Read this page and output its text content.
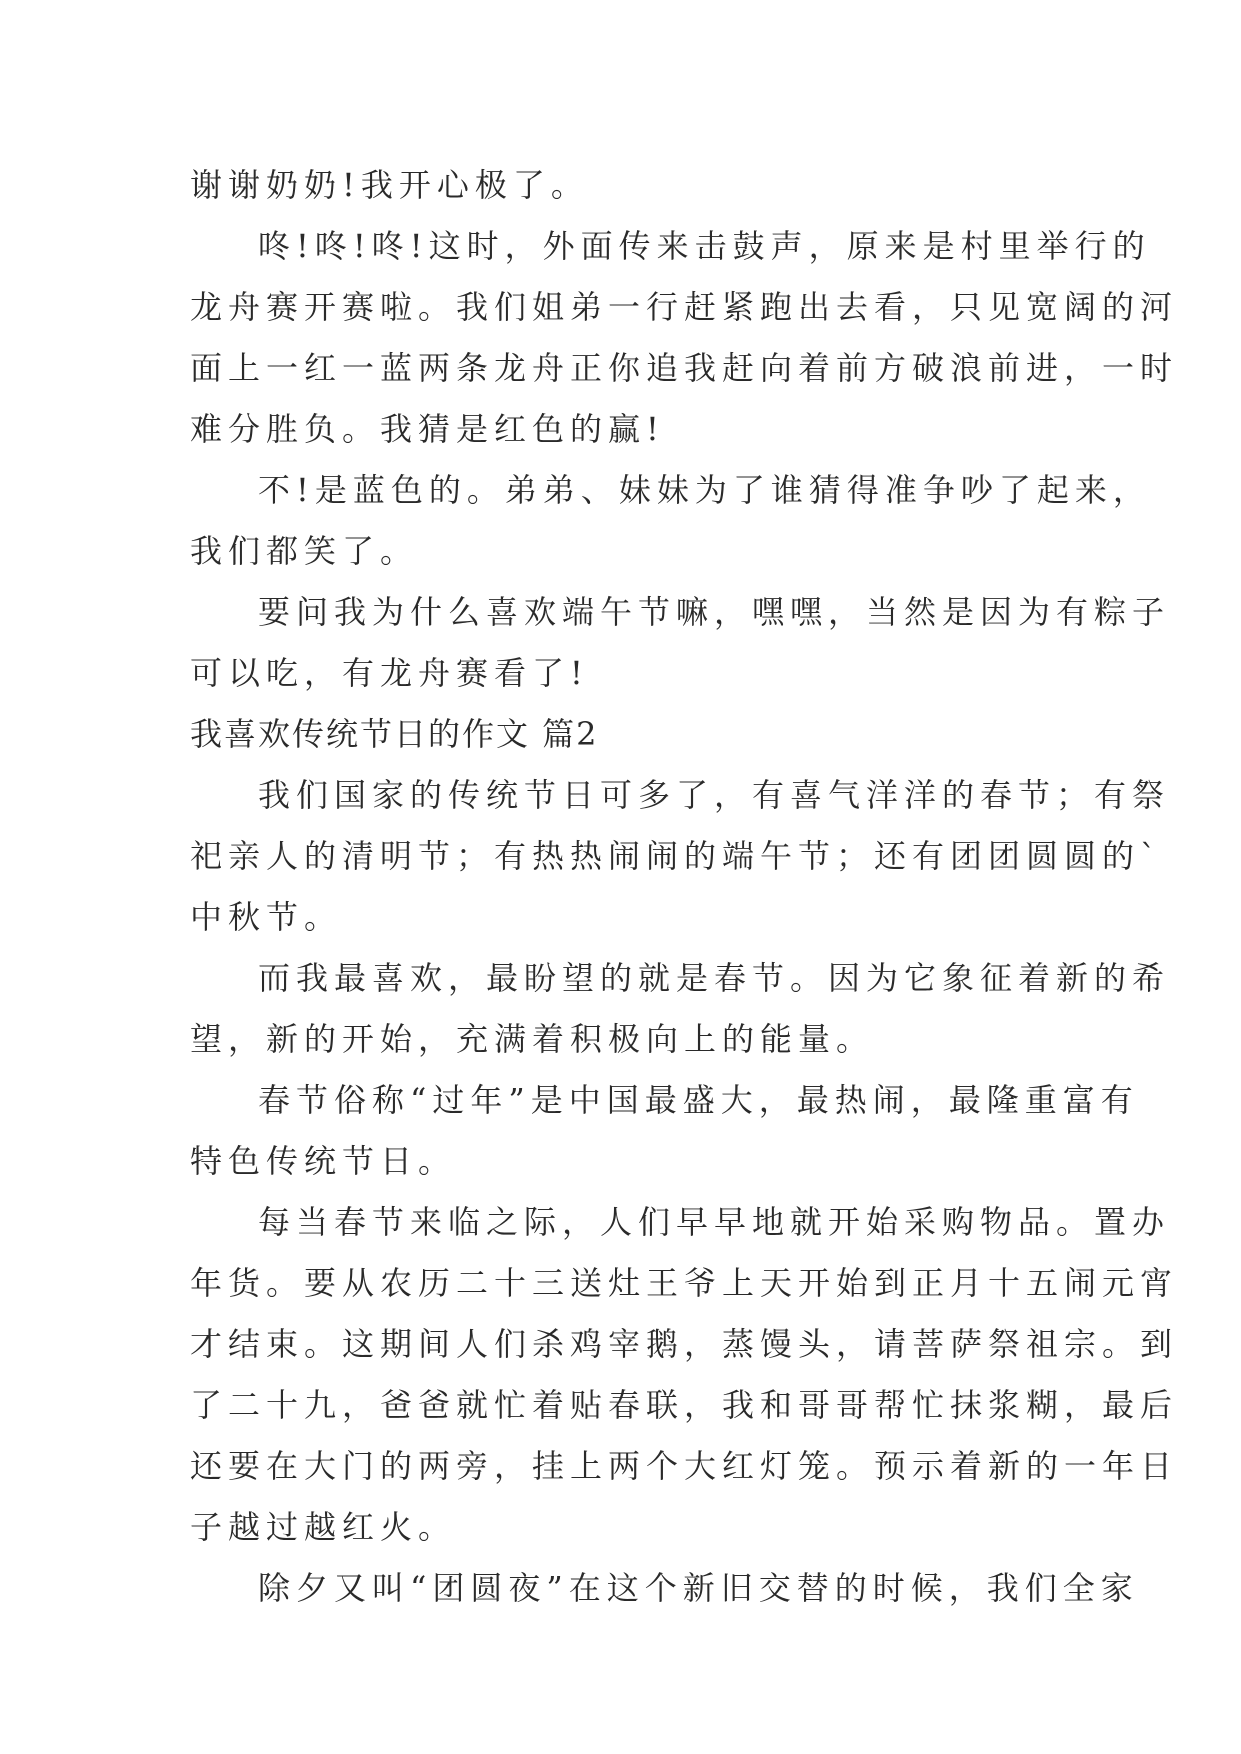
谢谢奶奶!我开心极了。
咚!咚!咚!这时，外面传来击鼓声，原来是村里举行的
龙舟赛开赛啦。我们姐弟一行赶紧跑出去看，只见宽阔的河
面上一红一蓝两条龙舟正你追我赶向着前方破浪前进，一时
难分胜负。我猜是红色的赢!
不!是蓝色的。弟弟、妹妹为了谁猜得准争吵了起来，
我们都笑了。
要问我为什么喜欢端午节嘛，嘿嘿，当然是因为有粽子
可以吃，有龙舟赛看了!
我喜欢传统节日的作文 篇2
我们国家的传统节日可多了，有喜气洋洋的春节；有祭
祀亲人的清明节；有热热闹闹的端午节；还有团团圆圆的`
中秋节。
而我最喜欢，最盼望的就是春节。因为它象征着新的希
望，新的开始，充满着积极向上的能量。
春节俗称“过年”是中国最盛大，最热闹，最隆重富有
特色传统节日。
每当春节来临之际，人们早早地就开始采购物品。置办
年货。要从农历二十三送灶王爷上天开始到正月十五闹元宵
才结束。这期间人们杀鸡宰鹅，蒸馒头，请菩萨祭祖宗。到
了二十九，爸爸就忙着贴春联，我和哥哥帮忙抹浆糊，最后
还要在大门的两旁，挂上两个大红灯笼。预示着新的一年日
子越过越红火。
除夕又叫“团圆夜”在这个新旧交替的时候，我们全家
